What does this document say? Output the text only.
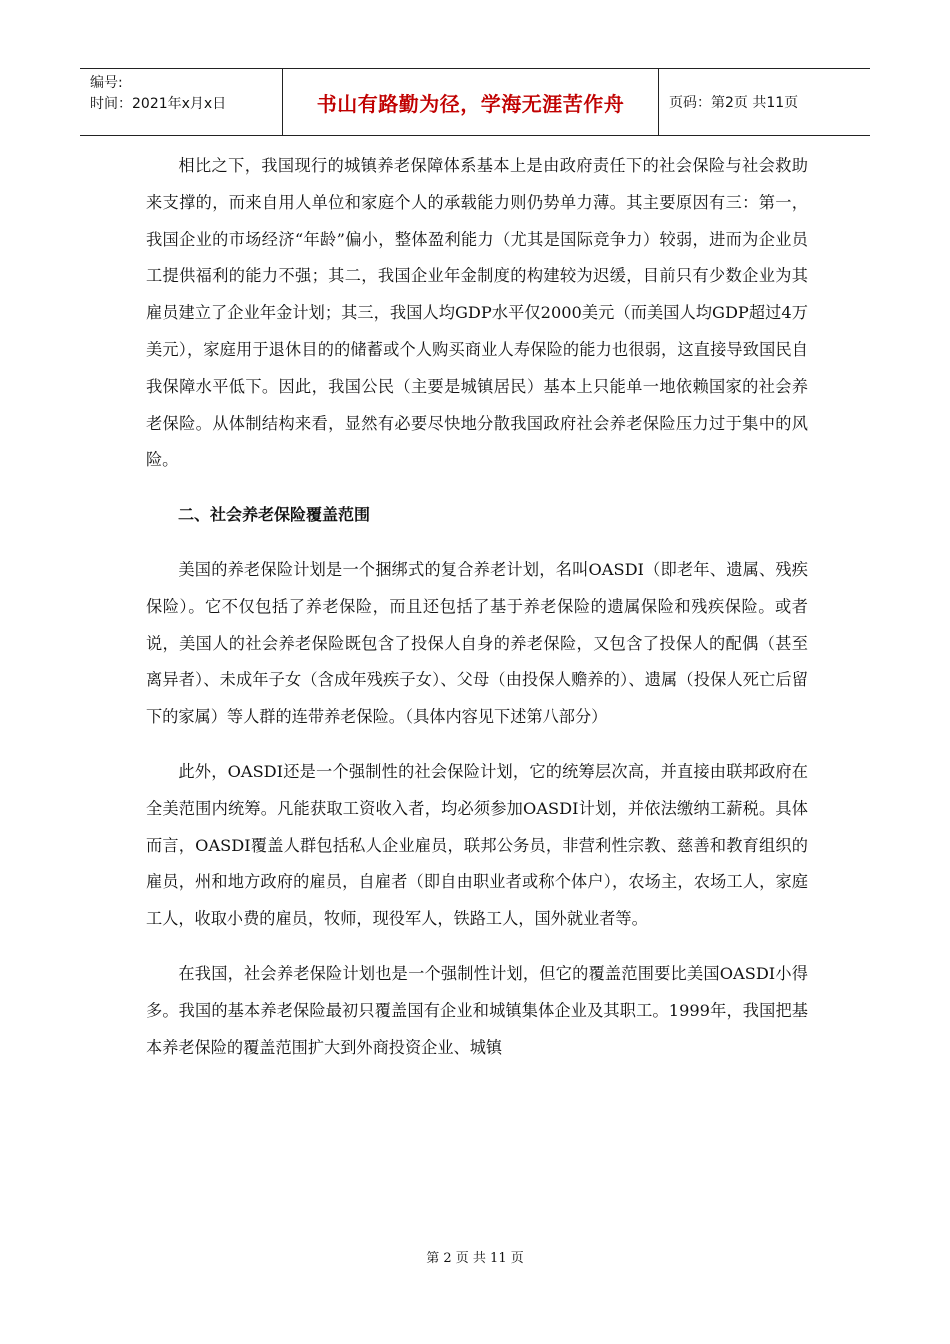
编号:
时间：2021年x月x日	书山有路勤为径，学海无涯苦作舟	页码：第2页 共11页

相比之下，我国现行的城镇养老保障体系基本上是由政府责任下的社会保险与社会救助来支撑的，而来自用人单位和家庭个人的承载能力则仍势单力薄。其主要原因有三：第一，我国企业的市场经济“年龄”偏小，整体盈利能力（尤其是国际竞争力）较弱，进而为企业员工提供福利的能力不强；其二，我国企业年金制度的构建较为迟缓，目前只有少数企业为其雇员建立了企业年金计划；其三，我国人均GDP水平仅2000美元（而美国人均GDP超过4万美元），家庭用于退休目的的储蓄或个人购买商业人寿保险的能力也很弱，这直接导致国民自我保障水平低下。因此，我国公民（主要是城镇居民）基本上只能单一地依赖国家的社会养老保险。从体制结构来看，显然有必要尽快地分散我国政府社会养老保险压力过于集中的风险。

二、社会养老保险覆盖范围

美国的养老保险计划是一个捆绑式的复合养老计划，名叫OASDI（即老年、遗属、残疾保险）。它不仅包括了养老保险，而且还包括了基于养老保险的遗属保险和残疾保险。或者说，美国人的社会养老保险既包含了投保人自身的养老保险，又包含了投保人的配偶（甚至离异者）、未成年子女（含成年残疾子女）、父母（由投保人赡养的）、遗属（投保人死亡后留下的家属）等人群的连带养老保险。（具体内容见下述第八部分）

此外，OASDI还是一个强制性的社会保险计划，它的统筹层次高，并直接由联邦政府在全美范围内统筹。凡能获取工资收入者，均必须参加OASDI计划，并依法缴纳工薪税。具体而言，OASDI覆盖人群包括私人企业雇员，联邦公务员，非营利性宗教、慈善和教育组织的雇员，州和地方政府的雇员，自雇者（即自由职业者或称个体户），农场主，农场工人，家庭工人，收取小费的雇员，牧师，现役军人，铁路工人，国外就业者等。

在我国，社会养老保险计划也是一个强制性计划，但它的覆盖范围要比美国OASDI小得多。我国的基本养老保险最初只覆盖国有企业和城镇集体企业及其职工。1999年，我国把基本养老保险的覆盖范围扩大到外商投资企业、城镇

第 2 页 共 11 页
